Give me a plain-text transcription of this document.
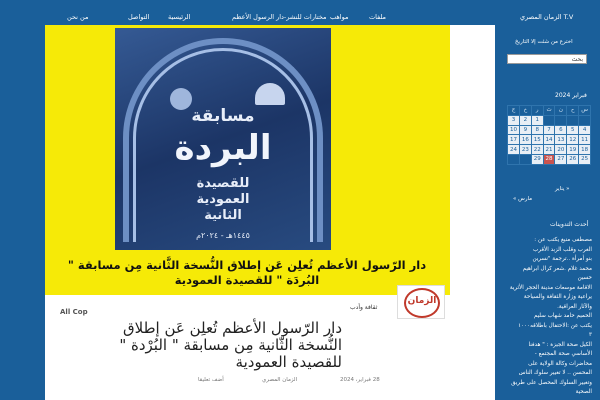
من نحن	التواصل	الرئيسية	مختارات للنشر-دار الرسول الأعظم مواهب	ملفات	T.V الزمان المصري
مسابقة
البردة
للقصيدة
العمودية
الثانية
١٤٤٥هـ - ٢٠٢٤م
دار الرّسول الأعظم تُعلِن عَن إطلاق النُّسخة الثَّانية مِن مسابقة " البُردَة " للقصيدة العمودية
All Cop
الزمان
ثقافة وأدب
دار الرّسول الأعظم تُعلِن عَن إطلاق النُّسخة الثّانية مِن مسابقة " البُرْدة " للقصيدة العمودية
28 فبراير، 2024
الزمان المصري
أضف تعليقا
اخترع من شئت إلا التاريخ
بحث
فبراير 2024
س	ح	ن	ث	ر	خ	ج
				1	2	3
4	5	6	7	8	9	10
11	12	13	14	15	16	17
18	19	20	21	22	23	24
25	26	27	28	29		
« يناير
مارس »
أحدث التدوينات
مصطفى منيغ يكتب عن :
الغرب وقلب الزبد الأقرب
بنو أمرأة ..ترجمة "نسرين
محمد غلام .شعر كرال ابراهيم
حسين
الاقامة موسعات مدينة الحجر الأثرية
يراعية وزارة الثقافة والسياحة
والآثار العراقية.
الحميم حامد شهاب سليم
يكتب عن :الاحتفال باطلاقه١٠٠٠
٣
الكيل صحة الجيزة : " هدفنا
الأساسي صحة المجتمع -
محاضرات وكالة الولاية على
المحسن .. لا تغيير سلوك الناس
وتغيير السلوك المحصل على طريق
الصحية
